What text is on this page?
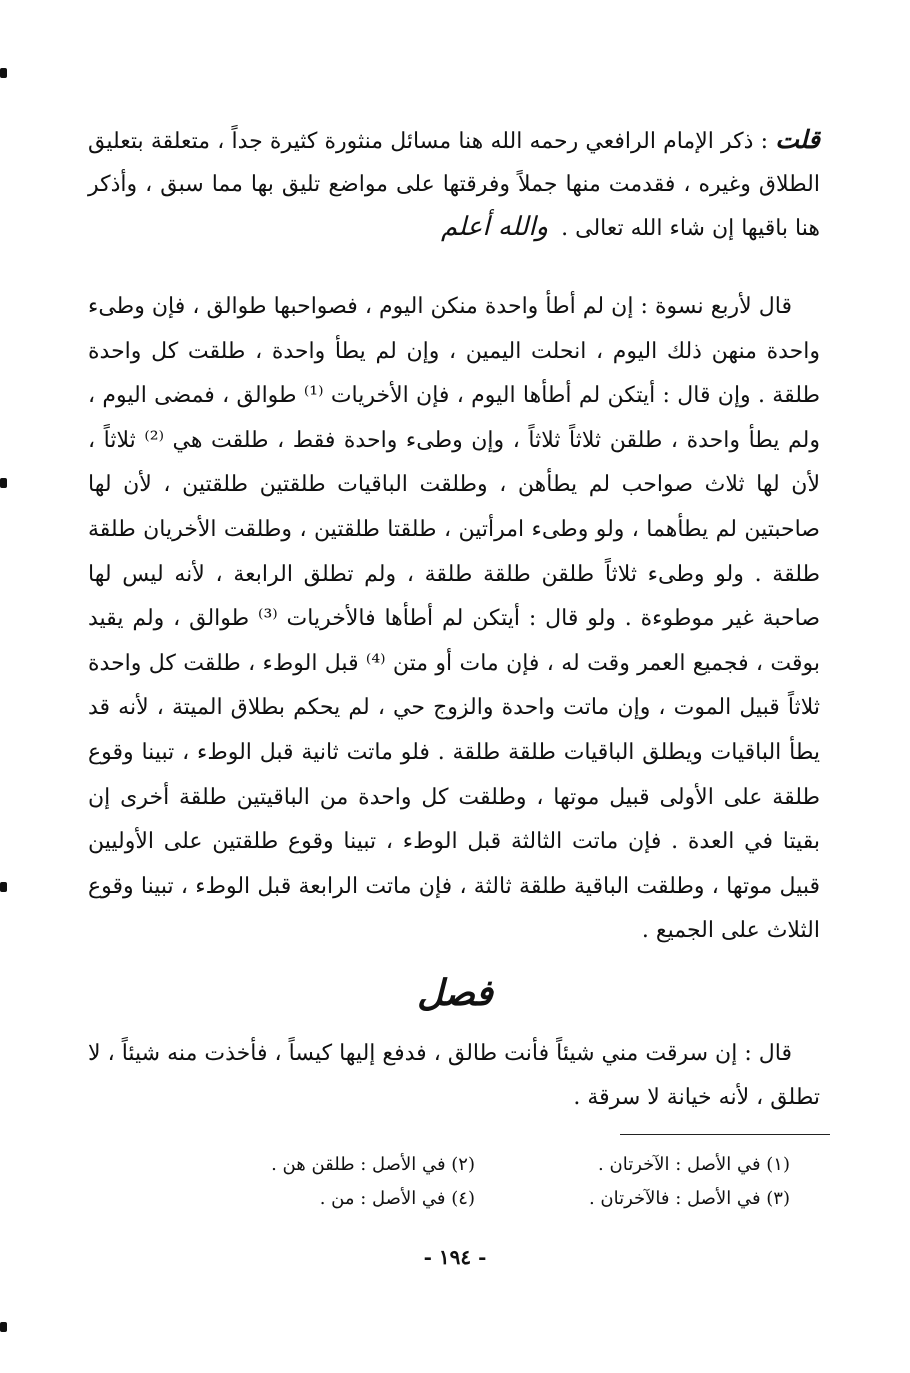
قلت : ذكر الإمام الرافعي رحمه الله هنا مسائل منثورة كثيرة جداً ، متعلقة بتعليق الطلاق وغيره ، فقدمت منها جملاً وفرقتها على مواضع تليق بها مما سبق ، وأذكر هنا باقيها إن شاء الله تعالى . والله أعلم

قال لأربع نسوة : إن لم أطأ واحدة منكن اليوم ، فصواحبها طوالق ، فإن وطىء واحدة منهن ذلك اليوم ، انحلت اليمين ، وإن لم يطأ واحدة ، طلقت كل واحدة طلقة . وإن قال : أيتكن لم أطأها اليوم ، فإن الأخريات ⁽¹⁾ طوالق ، فمضى اليوم ، ولم يطأ واحدة ، طلقن ثلاثاً ثلاثاً ، وإن وطىء واحدة فقط ، طلقت هي ⁽²⁾ ثلاثاً ، لأن لها ثلاث صواحب لم يطأهن ، وطلقت الباقيات طلقتين طلقتين ، لأن لها صاحبتين لم يطأهما ، ولو وطىء امرأتين ، طلقتا طلقتين ، وطلقت الأخريان طلقة طلقة . ولو وطىء ثلاثاً طلقن طلقة طلقة ، ولم تطلق الرابعة ، لأنه ليس لها صاحبة غير موطوءة . ولو قال : أيتكن لم أطأها فالأخريات ⁽³⁾ طوالق ، ولم يقيد بوقت ، فجميع العمر وقت له ، فإن مات أو متن ⁽⁴⁾ قبل الوطء ، طلقت كل واحدة ثلاثاً قبيل الموت ، وإن ماتت واحدة والزوج حي ، لم يحكم بطلاق الميتة ، لأنه قد يطأ الباقيات ويطلق الباقيات طلقة طلقة . فلو ماتت ثانية قبل الوطء ، تبينا وقوع طلقة على الأولى قبيل موتها ، وطلقت كل واحدة من الباقيتين طلقة أخرى إن بقيتا في العدة . فإن ماتت الثالثة قبل الوطء ، تبينا وقوع طلقتين على الأوليين قبيل موتها ، وطلقت الباقية طلقة ثالثة ، فإن ماتت الرابعة قبل الوطء ، تبينا وقوع الثلاث على الجميع .

فصل

قال : إن سرقت مني شيئاً فأنت طالق ، فدفع إليها كيساً ، فأخذت منه شيئاً ، لا تطلق ، لأنه خيانة لا سرقة .

(١) في الأصل : الآخرتان .
(٢) في الأصل : طلقن هن .
(٣) في الأصل : فالآخرتان .
(٤) في الأصل : من .
- ١٩٤ -
